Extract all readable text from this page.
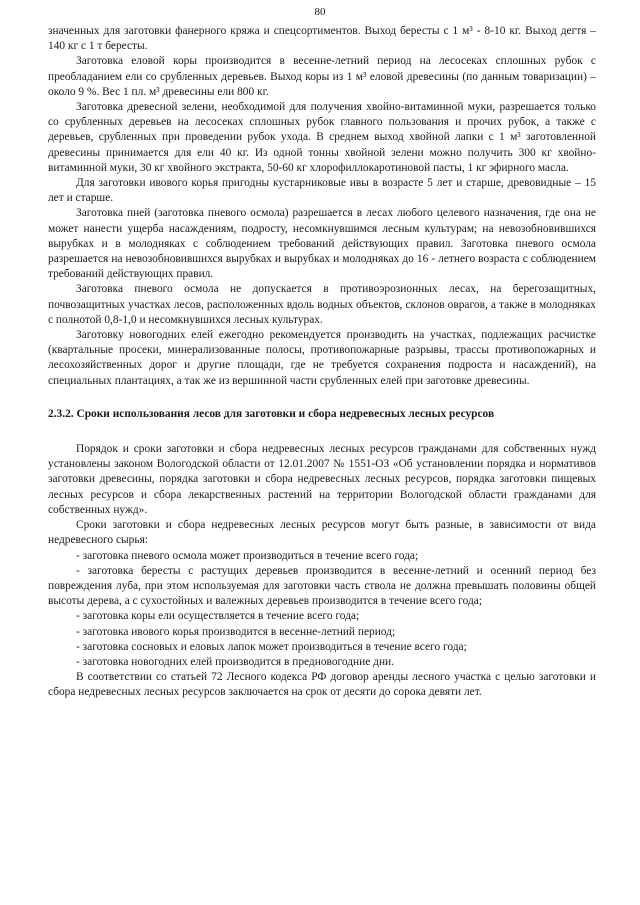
80

значенных для заготовки фанерного кряжа и спецсортиментов. Выход бересты с 1 м³ - 8-10 кг. Выход дегтя – 140 кг с 1 т бересты.

Заготовка еловой коры производится в весенне-летний период на лесосеках сплошных рубок с преобладанием ели со срубленных деревьев. Выход коры из 1 м³ еловой древесины (по данным товаризации) – около 9 %. Вес 1 пл. м³ древесины ели 800 кг.

Заготовка древесной зелени, необходимой для получения хвойно-витаминной муки, разрешается только со срубленных деревьев на лесосеках сплошных рубок главного пользования и прочих рубок, а также с деревьев, срубленных при проведении рубок ухода. В среднем выход хвойной лапки с 1 м³ заготовленной древесины принимается для ели 40 кг. Из одной тонны хвойной зелени можно получить 300 кг хвойно-витаминной муки, 30 кг хвойного экстракта, 50-60 кг хлорофиллокаротиновой пасты, 1 кг эфирного масла.

Для заготовки ивового корья пригодны кустарниковые ивы в возрасте 5 лет и старше, древовидные – 15 лет и старше.

Заготовка пней (заготовка пневого осмола) разрешается в лесах любого целевого назначения, где она не может нанести ущерба насаждениям, подросту, несомкнувшимся лесным культурам; на невозобновившихся вырубках и в молодняках с соблюдением требований действующих правил. Заготовка пневого осмола разрешается на невозобновившихся вырубках и вырубках и молодняках до 16 - летнего возраста с соблюдением требований действующих правил.

Заготовка пневого осмола не допускается в противоэрозионных лесах, на берегозащитных, почвозащитных участках лесов, расположенных вдоль водных объектов, склонов оврагов, а также в молодняках с полнотой 0,8-1,0 и несомкнувшихся лесных культурах.

Заготовку новогодних елей ежегодно рекомендуется производить на участках, подлежащих расчистке (квартальные просеки, минерализованные полосы, противопожарные разрывы, трассы противопожарных и лесохозяйственных дорог и другие площади, где не требуется сохранения подроста и насаждений), на специальных плантациях, а так же из вершинной части срубленных елей при заготовке древесины.

2.3.2. Сроки использования лесов для заготовки и сбора недревесных лесных ресурсов

Порядок и сроки заготовки и сбора недревесных лесных ресурсов гражданами для собственных нужд установлены законом Вологодской области от 12.01.2007 № 1551-ОЗ «Об установлении порядка и нормативов заготовки древесины, порядка заготовки и сбора недревесных лесных ресурсов, порядка заготовки пищевых лесных ресурсов и сбора лекарственных растений на территории Вологодской области гражданами для собственных нужд».

Сроки заготовки и сбора недревесных лесных ресурсов могут быть разные, в зависимости от вида недревесного сырья:

- заготовка пневого осмола может производиться в течение всего года;

- заготовка бересты с растущих деревьев производится в весенне-летний и осенний период без повреждения луба, при этом используемая для заготовки часть ствола не должна превышать половины общей высоты дерева, а с сухостойных и валежных деревьев производится в течение всего года;

- заготовка коры ели осуществляется в течение всего года;

- заготовка ивового корья производится в весенне-летний период;

- заготовка сосновых и еловых лапок может производиться в течение всего года;

- заготовка новогодних елей производится в предновогодние дни.

В соответствии со статьей 72 Лесного кодекса РФ договор аренды лесного участка с целью заготовки и сбора недревесных лесных ресурсов заключается на срок от десяти до сорока девяти лет.
